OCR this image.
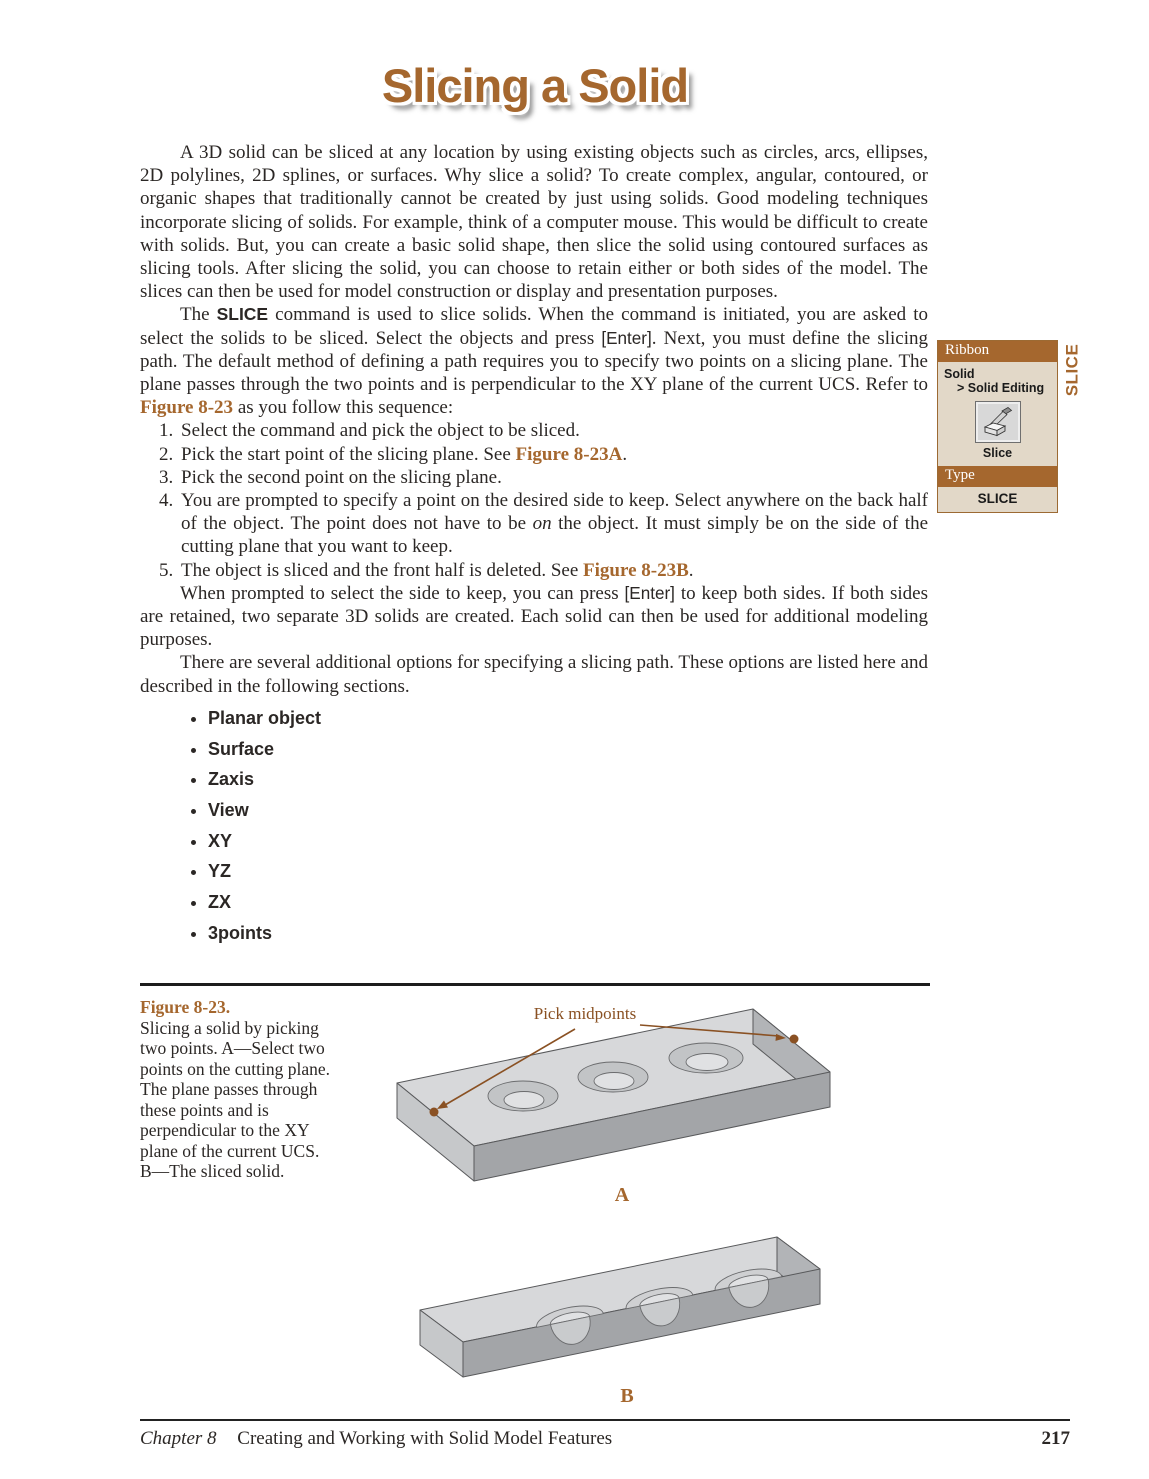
Slicing a Solid

A 3D solid can be sliced at any location by using existing objects such as circles, arcs, ellipses, 2D polylines, 2D splines, or surfaces. Why slice a solid? To create complex, angular, contoured, or organic shapes that traditionally cannot be created by just using solids. Good modeling techniques incorporate slicing of solids. For example, think of a computer mouse. This would be difficult to create with solids. But, you can create a basic solid shape, then slice the solid using contoured surfaces as slicing tools. After slicing the solid, you can choose to retain either or both sides of the model. The slices can then be used for model construction or display and presentation purposes.

The SLICE command is used to slice solids. When the command is initiated, you are asked to select the solids to be sliced. Select the objects and press [Enter]. Next, you must define the slicing path. The default method of defining a path requires you to specify two points on a slicing plane. The plane passes through the two points and is perpendicular to the XY plane of the current UCS. Refer to Figure 8-23 as you follow this sequence:

1. Select the command and pick the object to be sliced.
2. Pick the start point of the slicing plane. See Figure 8-23A.
3. Pick the second point on the slicing plane.
4. You are prompted to specify a point on the desired side to keep. Select anywhere on the back half of the object. The point does not have to be on the object. It must simply be on the side of the cutting plane that you want to keep.
5. The object is sliced and the front half is deleted. See Figure 8-23B.

When prompted to select the side to keep, you can press [Enter] to keep both sides. If both sides are retained, two separate 3D solids are created. Each solid can then be used for additional modeling purposes.

There are several additional options for specifying a slicing path. These options are listed here and described in the following sections.

• Planar object
• Surface
• Zaxis
• View
• XY
• YZ
• ZX
• 3points
Ribbon
Solid
> Solid Editing
Slice
Type
SLICE
SLICE
Figure 8-23.
Slicing a solid by picking two points. A—Select two points on the cutting plane. The plane passes through these points and is perpendicular to the XY plane of the current UCS. B—The sliced solid.
Pick midpoints
A
B
Chapter 8 Creating and Working with Solid Model Features	217
